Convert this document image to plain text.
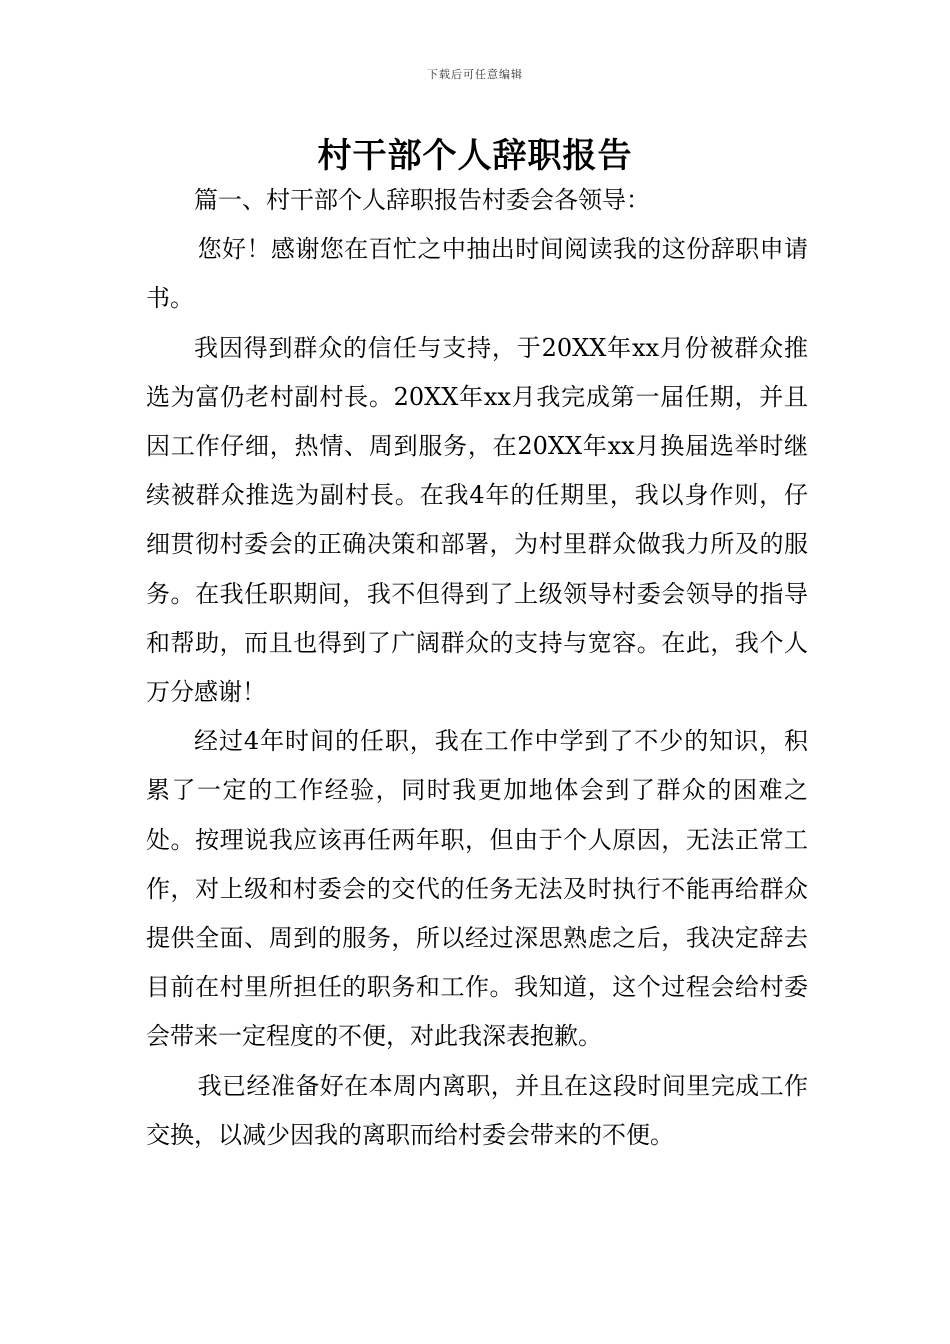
下载后可任意编辑
村干部个人辞职报告

篇一、村干部个人辞职报告村委会各领导：

您好！感谢您在百忙之中抽出时间阅读我的这份辞职申请书。

我因得到群众的信任与支持，于20XX年xx月份被群众推选为富仍老村副村長。20XX年xx月我完成第一届任期，并且因工作仔细，热情、周到服务，在20XX年xx月换届选举时继续被群众推选为副村長。在我4年的任期里，我以身作则，仔细贯彻村委会的正确决策和部署，为村里群众做我力所及的服务。在我任职期间，我不但得到了上级领导村委会领导的指导和帮助，而且也得到了广阔群众的支持与宽容。在此，我个人万分感谢！

经过4年时间的任职，我在工作中学到了不少的知识，积累了一定的工作经验，同时我更加地体会到了群众的困难之处。按理说我应该再任两年职，但由于个人原因，无法正常工作，对上级和村委会的交代的任务无法及时执行不能再给群众提供全面、周到的服务，所以经过深思熟虑之后，我决定辞去目前在村里所担任的职务和工作。我知道，这个过程会给村委会带来一定程度的不便，对此我深表抱歉。

我已经准备好在本周内离职，并且在这段时间里完成工作交换，以减少因我的离职而给村委会带来的不便。
